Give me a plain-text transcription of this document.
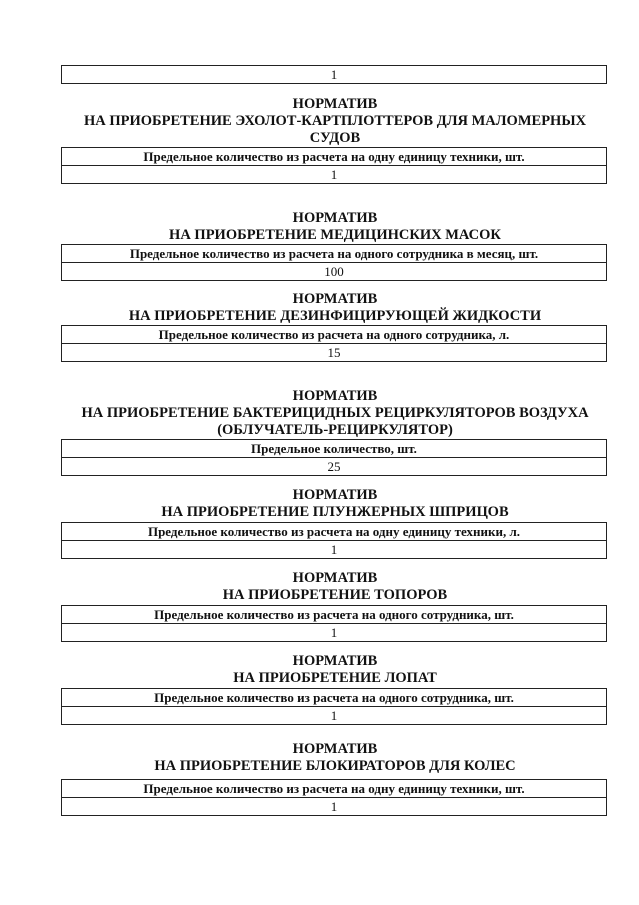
1
НОРМАТИВ
НА ПРИОБРЕТЕНИЕ ЭХОЛОТ-КАРТПЛОТТЕРОВ ДЛЯ МАЛОМЕРНЫХ
СУДОВ
Предельное количество из расчета на одну единицу техники, шт.
1
НОРМАТИВ
НА ПРИОБРЕТЕНИЕ МЕДИЦИНСКИХ МАСОК
Предельное количество из расчета на одного сотрудника в месяц, шт.
100
НОРМАТИВ
НА ПРИОБРЕТЕНИЕ ДЕЗИНФИЦИРУЮЩЕЙ ЖИДКОСТИ
Предельное количество из расчета на одного сотрудника, л.
15
НОРМАТИВ
НА ПРИОБРЕТЕНИЕ БАКТЕРИЦИДНЫХ РЕЦИРКУЛЯТОРОВ ВОЗДУХА
(ОБЛУЧАТЕЛЬ-РЕЦИРКУЛЯТОР)
Предельное количество, шт.
25
НОРМАТИВ
НА ПРИОБРЕТЕНИЕ ПЛУНЖЕРНЫХ ШПРИЦОВ
Предельное количество из расчета на одну единицу техники, л.
1
НОРМАТИВ
НА ПРИОБРЕТЕНИЕ ТОПОРОВ
Предельное количество из расчета на одного сотрудника, шт.
1
НОРМАТИВ
НА ПРИОБРЕТЕНИЕ ЛОПАТ
Предельное количество из расчета на одного сотрудника, шт.
1
НОРМАТИВ
НА ПРИОБРЕТЕНИЕ БЛОКИРАТОРОВ ДЛЯ КОЛЕС
Предельное количество из расчета на одну единицу техники, шт.
1
